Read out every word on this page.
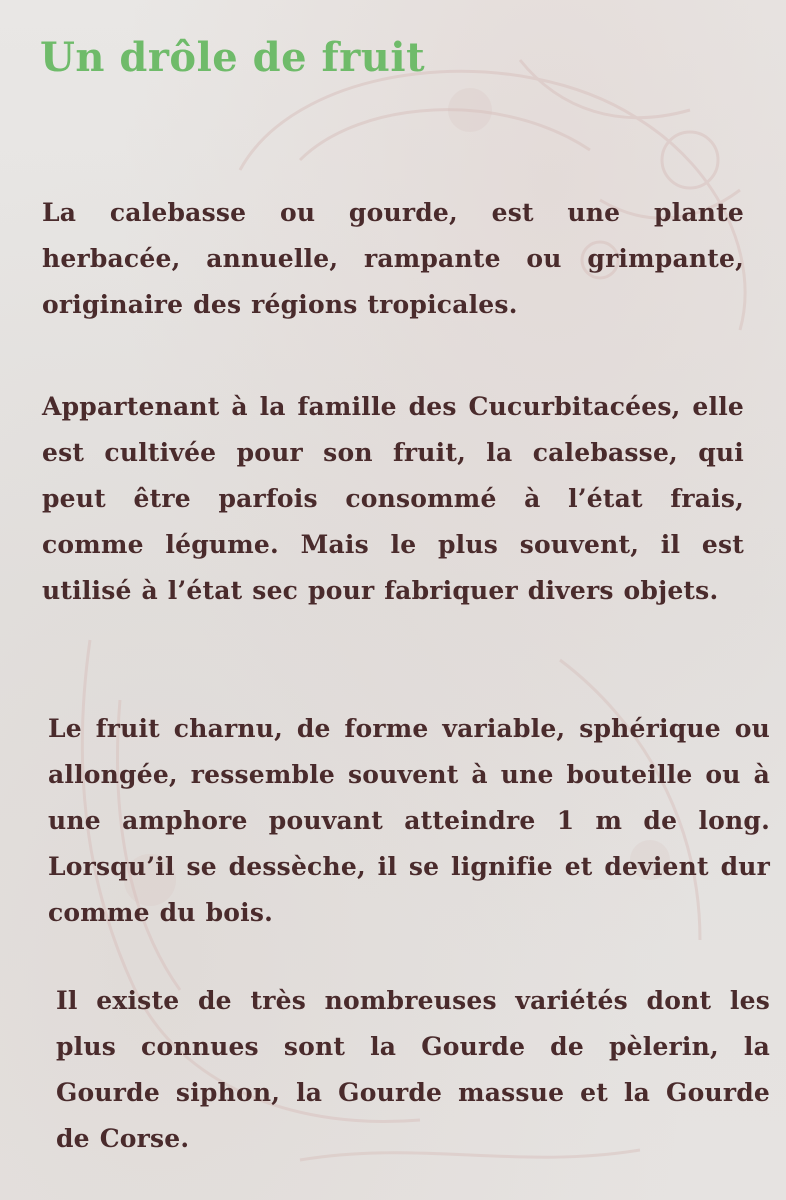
Un drôle de fruit

La calebasse ou gourde, est une plante herbacée, annuelle, rampante ou grimpante, originaire des régions tropicales.

Appartenant à la famille des Cucurbitacées, elle est cultivée pour son fruit, la calebasse, qui peut être parfois consommé à l’état frais, comme légume. Mais le plus souvent, il est utilisé à l’état sec pour fabriquer divers objets.

Le fruit charnu, de forme variable, sphérique ou allongée, ressemble souvent à une bouteille ou à une amphore pouvant atteindre 1 m de long. Lorsqu’il se dessèche, il se lignifie et devient dur comme du bois.

Il existe de très nombreuses variétés dont les plus connues sont la Gourde de pèlerin, la Gourde siphon, la Gourde massue et la Gourde de Corse.
